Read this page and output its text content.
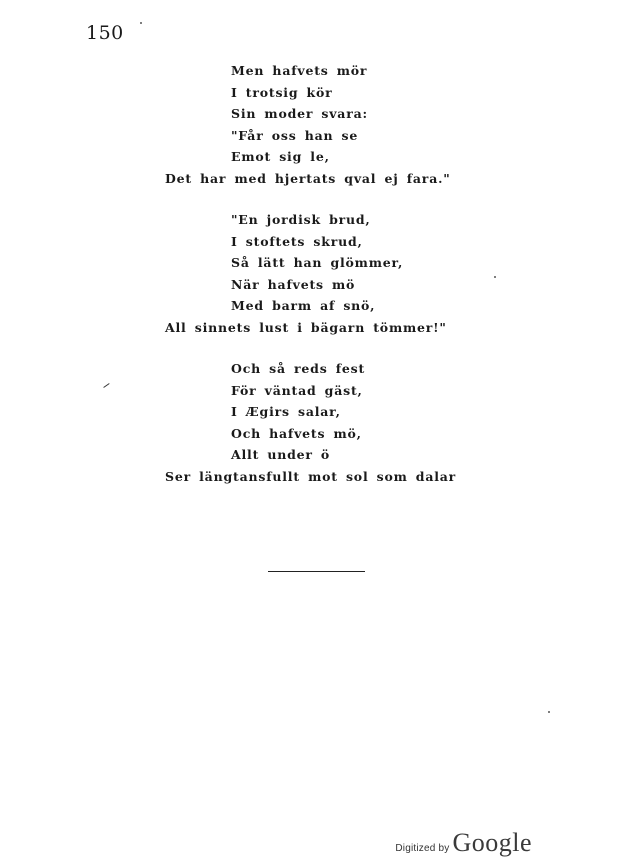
150
Men hafvets mör
I trotsig kör
Sin moder svara:
"Får oss han se
Emot sig le,
Det har med hjertats qval ej fara."
"En jordisk brud,
I stoftets skrud,
Så lätt han glömmer,
När hafvets mö
Med barm af snö,
All sinnets lust i bägarn tömmer!"
Och så reds fest
För väntad gäst,
I Ægirs salar,
Och hafvets mö,
Allt under ö
Ser längtansfullt mot sol som dalar
Digitized by Google
